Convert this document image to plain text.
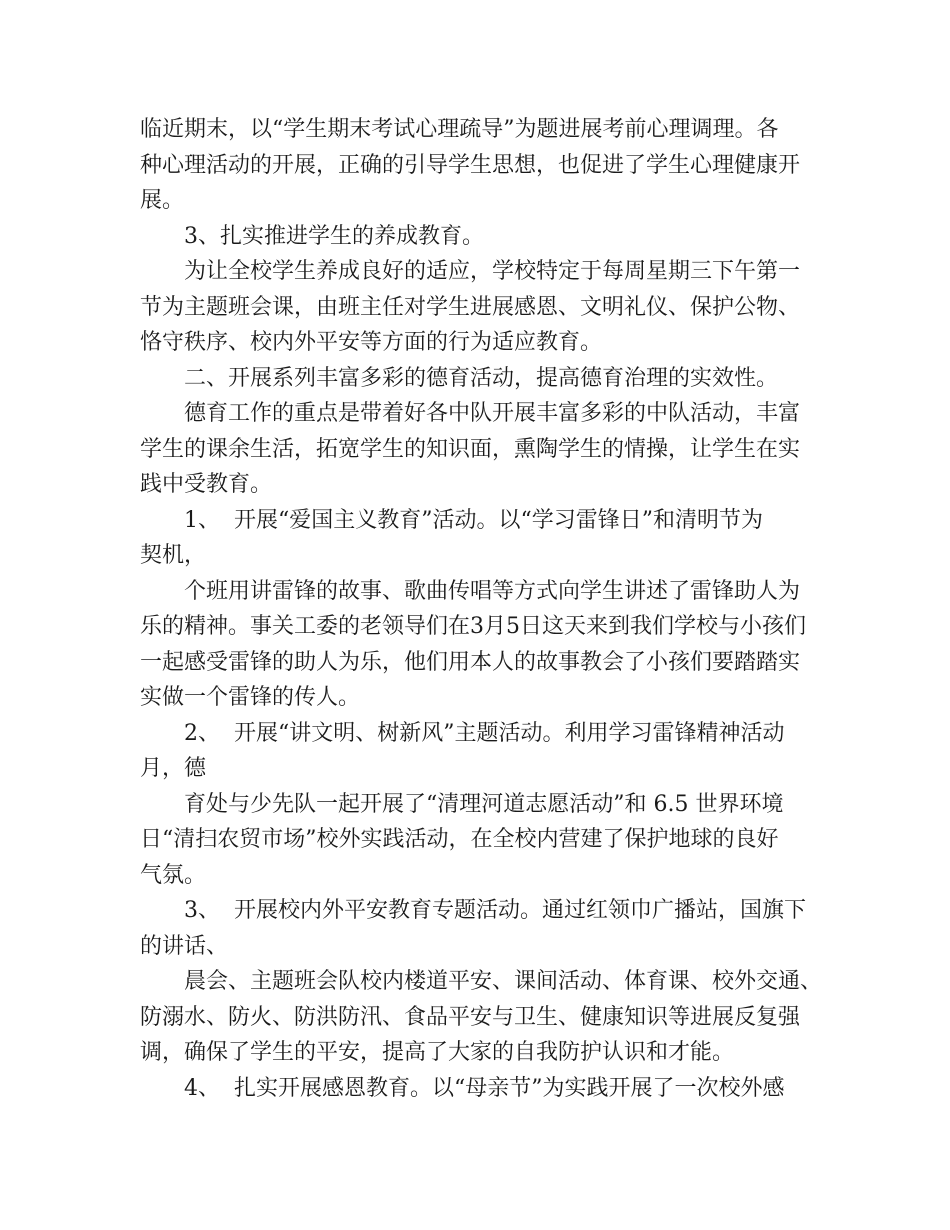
临近期末，以“学生期末考试心理疏导”为题进展考前心理调理。各
种心理活动的开展，正确的引导学生思想，也促进了学生心理健康开
展。
3、扎实推进学生的养成教育。
为让全校学生养成良好的适应，学校特定于每周星期三下午第一
节为主题班会课，由班主任对学生进展感恩、文明礼仪、保护公物、
恪守秩序、校内外平安等方面的行为适应教育。
二、开展系列丰富多彩的德育活动，提高德育治理的实效性。
德育工作的重点是带着好各中队开展丰富多彩的中队活动，丰富
学生的课余生活，拓宽学生的知识面，熏陶学生的情操，让学生在实
践中受教育。
1、  开展“爱国主义教育”活动。以“学习雷锋日”和清明节为
契机，
个班用讲雷锋的故事、歌曲传唱等方式向学生讲述了雷锋助人为
乐的精神。事关工委的老领导们在3月5日这天来到我们学校与小孩们
一起感受雷锋的助人为乐，他们用本人的故事教会了小孩们要踏踏实
实做一个雷锋的传人。
2、  开展“讲文明、树新风”主题活动。利用学习雷锋精神活动
月，德
育处与少先队一起开展了“清理河道志愿活动”和 6.5 世界环境
日“清扫农贸市场”校外实践活动，在全校内营建了保护地球的良好
气氛。
3、  开展校内外平安教育专题活动。通过红领巾广播站，国旗下
的讲话、
晨会、主题班会队校内楼道平安、课间活动、体育课、校外交通、
防溺水、防火、防洪防汛、食品平安与卫生、健康知识等进展反复强
调，确保了学生的平安，提高了大家的自我防护认识和才能。
4、  扎实开展感恩教育。以“母亲节”为实践开展了一次校外感
